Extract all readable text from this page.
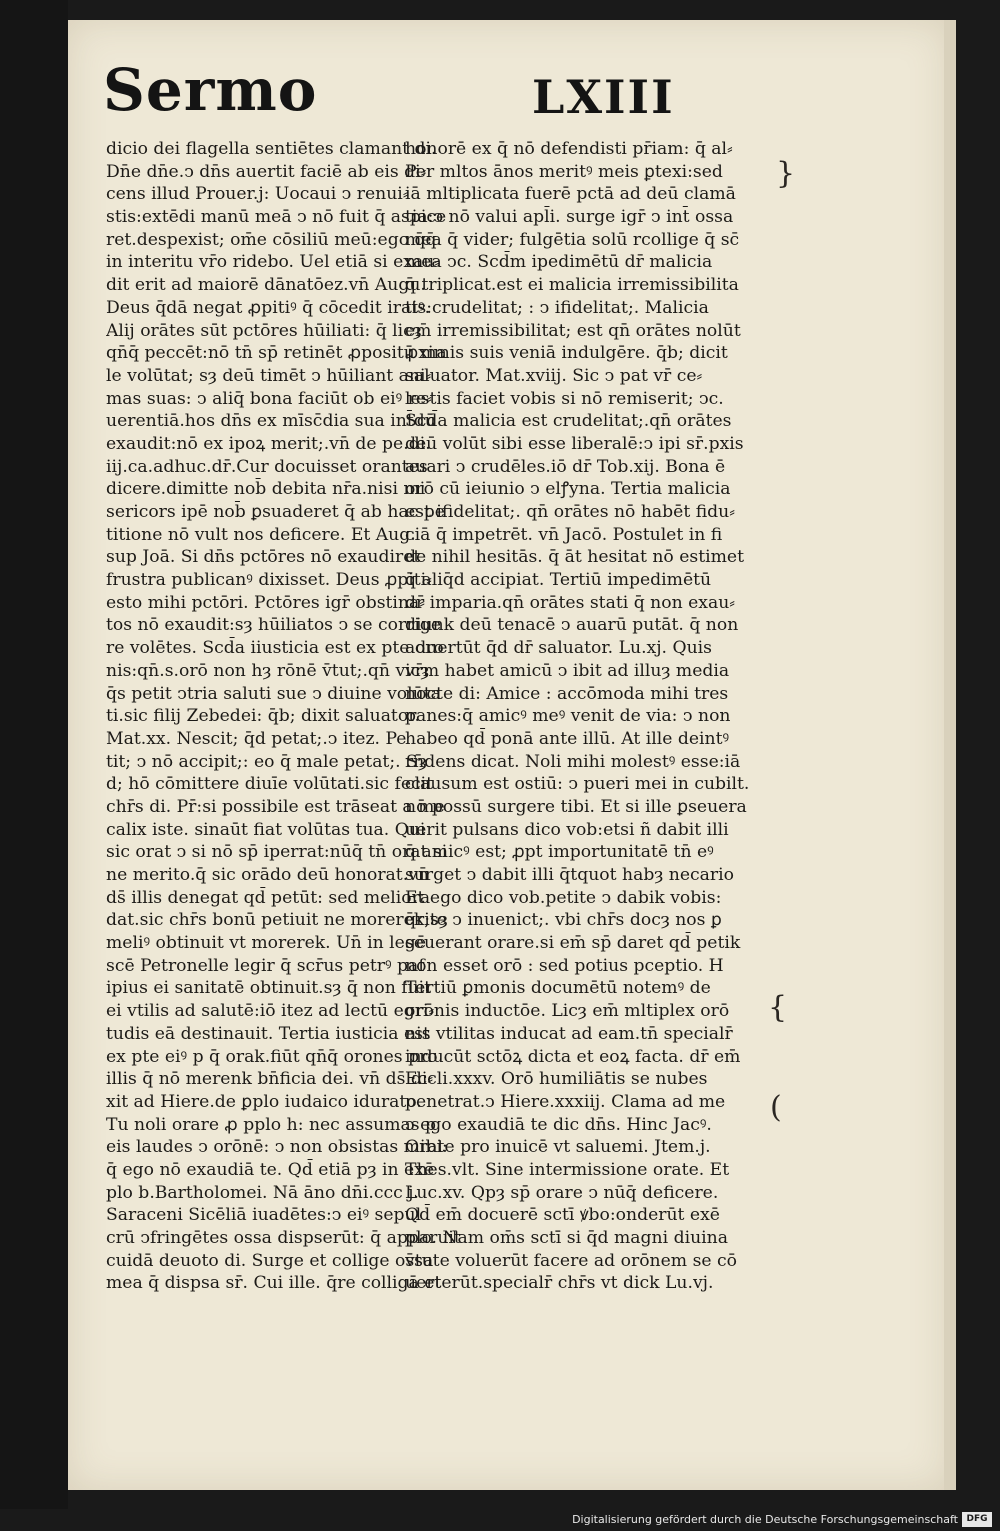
Sermo	LXIII
dicio dei flagella sentiētes clamant di.
Dn̄e dn̄e.ↄ dn̄s auertit faciē ab eis di⸗
cens illud Prouer.j: Uocaui ↄ renui⸗
stis:extēdi manū meā ↄ nō fuit q̄ aspice
ret.despexist; om̄e cōsiliū meū:ego q̄q̄
in interitu vr̄o ridebo. Uel etiā si exau⸗
dit erit ad maiorē dānatōez.vn̄ Augu.
Deus q̄dā negat ꝓpitiꝰ q̄ cōcedit iratꝰ.
Alij orātes sūt pctōres hūiliati: q̄ licȝ
qn̄q̄ peccēt:nō tn̄ sp̄ retinēt ꝓpositū ma
le volūtat; sȝ deū timēt ↄ hūiliant ani⸗
mas suas: ↄ aliq̄ bona faciūt ob eiꝰ re⸗
uerentiā.hos dn̄s ex mīsc̄dia sua int̄dū
exaudit:nō ex ipoꝝ merit;.vn̄ de pe.di.
iij.ca.adhuc.dr̄.Cur docuisset orantes
dicere.dimitte nob̄ debita nr̄a.nisi mi
sericors ipē nob̄ ꝑsuaderet q̄ ab hac pe
titione nō vult nos deficere. Et Aug.
sup Joā. Si dn̄s pctōres nō exaudiret
frustra publicanꝰ dixisset. Deus ꝓpiti⸗
esto mihi pctōri. Pctōres igr̄ obstina⸗
tos nō exaudit:sȝ hūiliatos ↄ se corrige
re volētes. Scd̄a iiusticia est ex pte oro
nis:qn̄.s.orō non hȝ rōnē v̄tut;.qn̄ vicȝ
q̄s petit ↄtria saluti sue ↄ diuine volūta
ti.sic filij Zebedei: q̄b; dixit saluator.
Mat.xx. Nescit; q̄d petat;.ↄ itez. Pe
tit; ↄ nō accipit;: eo q̄ male petat;. Sȝ
d; hō cōmittere diuīe volūtati.sic fecit
chr̄s di. Pr̄:si possibile est trāseat a me
calix iste. sinaūt fiat volūtas tua. Qui
sic orat ↄ si nō sp̄ iperrat:nūq̄ tn̄ orat si
ne merito.q̄ sic orādo deū honorat.vn̄
ds̄ illis denegat qd̄ petūt: sed meliora
dat.sic chr̄s bonū petiuit ne morerek;sȝ
meliꝰ obtinuit vt morerek. Un̄ in legē
scē Petronelle legir q̄ scr̄us petrꝰ paf
ipius ei sanitatē obtinuit.sȝ q̄ non fuit
ei vtilis ad salutē:iō itez ad lectū egri⸗
tudis eā destinauit. Tertia iusticia est
ex pte eiꝰ p q̄ orak.fiūt qn̄q̄ orones pro
illis q̄ nō merenk bn̄ficia dei. vn̄ ds̄ di⸗
xit ad Hiere.de ꝑplo iudaico idurato.
Tu noli orare ꝓ pplo h: nec assumas p
eis laudes ↄ orōnē: ↄ non obsistas mibi:
q̄ ego nō exaudiā te. Qd̄ etiā pȝ in exē
plo b.Bartholomei. Nā āno dn̄i.ccc j.
Saraceni Sicēliā iuadētes:ↄ eiꝰ sepul
crū ↄfringētes ossa dispserūt: q̄ apparuit
cuidā deuoto di. Surge et collige ossa
mea q̄ dispsa sr̄. Cui ille. q̄re colligā et
honorē ex q̄ nō defendisti pr̄iam: q̄ al⸗
Per mltos ānos meritꝰ meis ꝑtexi:sed
iā mltiplicata fuerē pctā ad deū clamā
tia:ↄ nō valui apl̄i. surge igr̄ ↄ int̄ ossa
mea q̄ vider; fulgētia solū rcollige q̄ sc̄
mea ↄc. Scd̄m ipedimētū dr̄ malicia
q̄ triplicat.est ei malicia irremissibilita
tis:crudelitat; : ↄ ifidelitat;. Malicia
em̄ irremissibilitat; est qn̄ orātes nolūt
ꝓximis suis veniā indulgēre. q̄b; dicit
saluator. Mat.xviij. Sic ↄ pat vr̄ ce⸗
lestis faciet vobis si nō remiserit; ↄc.
Scd̄a malicia est crudelitat;.qn̄ orātes
deū volūt sibi esse liberalē:ↄ ipi sr̄.pxis
auari ↄ crudēles.iō dr̄ Tob.xij. Bona ē
orō cū ieiunio ↄ elꝭyna. Tertia malicia
est ifidelitat;. qn̄ orātes nō habēt fidu⸗
ciā q̄ impetrēt. vn̄ Jacō. Postulet in fi
de nihil hesitās. q̄ āt hesitat nō estimet
q̄ aliq̄d accipiat. Tertiū impedimētū
dr̄ imparia.qn̄ orātes stati q̄ non exau⸗
diunk deū tenacē ↄ auarū putāt. q̄ non
aduertūt q̄d dr̄ saluator. Lu.xj. Quis
vr̄m habet amicū ↄ ibit ad illuȝ media
nocte di: Amice : accōmoda mihi tres
panes:q̄ amicꝰ meꝰ venit de via: ↄ non
habeo qd̄ ponā ante illū. At ille deintꝰ
rn̄dens dicat. Noli mihi molestꝰ esse:iā
clausum est ostiū: ↄ pueri mei in cubilt.
nō possū surgere tibi. Et si ille ꝑseuera
uerit pulsans dico vob:etsi ñ dabit illi
q̄ amicꝰ est; ꝓpt importunitatē tn̄ eꝰ
surget ↄ dabit illi q̄tquot habȝ necario
Et ego dico vob.petite ↄ dabik vobis:
q̄rite ↄ inuenict;. vbi chr̄s docȝ nos ꝑ
seuerant orare.si em̄ sp̄ daret qd̄ petik
non esset orō : sed potius pceptio. H
Tertiū ꝑmonis documētū notemꝰ de
orōnis inductōe. Licȝ em̄ mltiplex orō
nis vtilitas inducat ad eam.tn̄ specialr̄
inducūt sctōꝝ dicta et eoꝝ facta. dr̄ em̄
Eccli.xxxv. Orō humiliātis se nubes
penetrat.ↄ Hiere.xxxiij. Clama ad me
ↄ ego exaudiā te dic dn̄s. Hinc Jacꝰ.
Orate pro inuicē vt saluemi. Jtem.j.
Thes.vlt. Sine intermissione orate. Et
Luc.xv. Qpȝ sp̄ orare ↄ nūq̄ deficere.
Qd̄ em̄ docuerē sctī ꝟbo:onderūt exē
plo. Nam om̄s sctī si q̄d magni diuina
v̄tute voluerūt facere ad orōnem se cō
uerterūt.specialr̄ chr̄s vt dick Lu.vj.
}
{
(
Digitalisierung gefördert durch die Deutsche Forschungsgemeinschaft DFG
